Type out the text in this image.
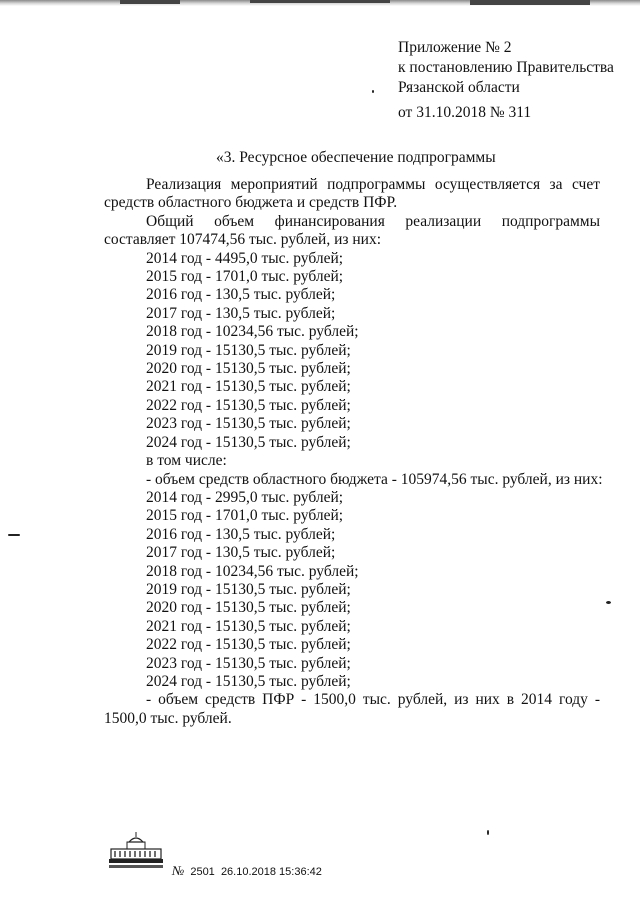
Приложение № 2
к постановлению Правительства
Рязанской области
от 31.10.2018 № 311
«3. Ресурсное обеспечение подпрограммы

Реализация мероприятий подпрограммы осуществляется за счет средств областного бюджета и средств ПФР.

Общий объем финансирования реализации подпрограммы составляет 107474,56 тыс. рублей, из них:

2014 год - 4495,0 тыс. рублей;

2015 год - 1701,0 тыс. рублей;

2016 год - 130,5 тыс. рублей;

2017 год - 130,5 тыс. рублей;

2018 год - 10234,56 тыс. рублей;

2019 год - 15130,5 тыс. рублей;

2020 год - 15130,5 тыс. рублей;

2021 год - 15130,5 тыс. рублей;

2022 год - 15130,5 тыс. рублей;

2023 год - 15130,5 тыс. рублей;

2024 год - 15130,5 тыс. рублей;

в том числе:

- объем средств областного бюджета - 105974,56 тыс. рублей, из них:

2014 год - 2995,0 тыс. рублей;

2015 год - 1701,0 тыс. рублей;

2016 год - 130,5 тыс. рублей;

2017 год - 130,5 тыс. рублей;

2018 год - 10234,56 тыс. рублей;

2019 год - 15130,5 тыс. рублей;

2020 год - 15130,5 тыс. рублей;

2021 год - 15130,5 тыс. рублей;

2022 год - 15130,5 тыс. рублей;

2023 год - 15130,5 тыс. рублей;

2024 год - 15130,5 тыс. рублей;

- объем средств ПФР - 1500,0 тыс. рублей, из них в 2014 году - 1500,0 тыс. рублей.

№ 2501 26.10.2018 15:36:42
